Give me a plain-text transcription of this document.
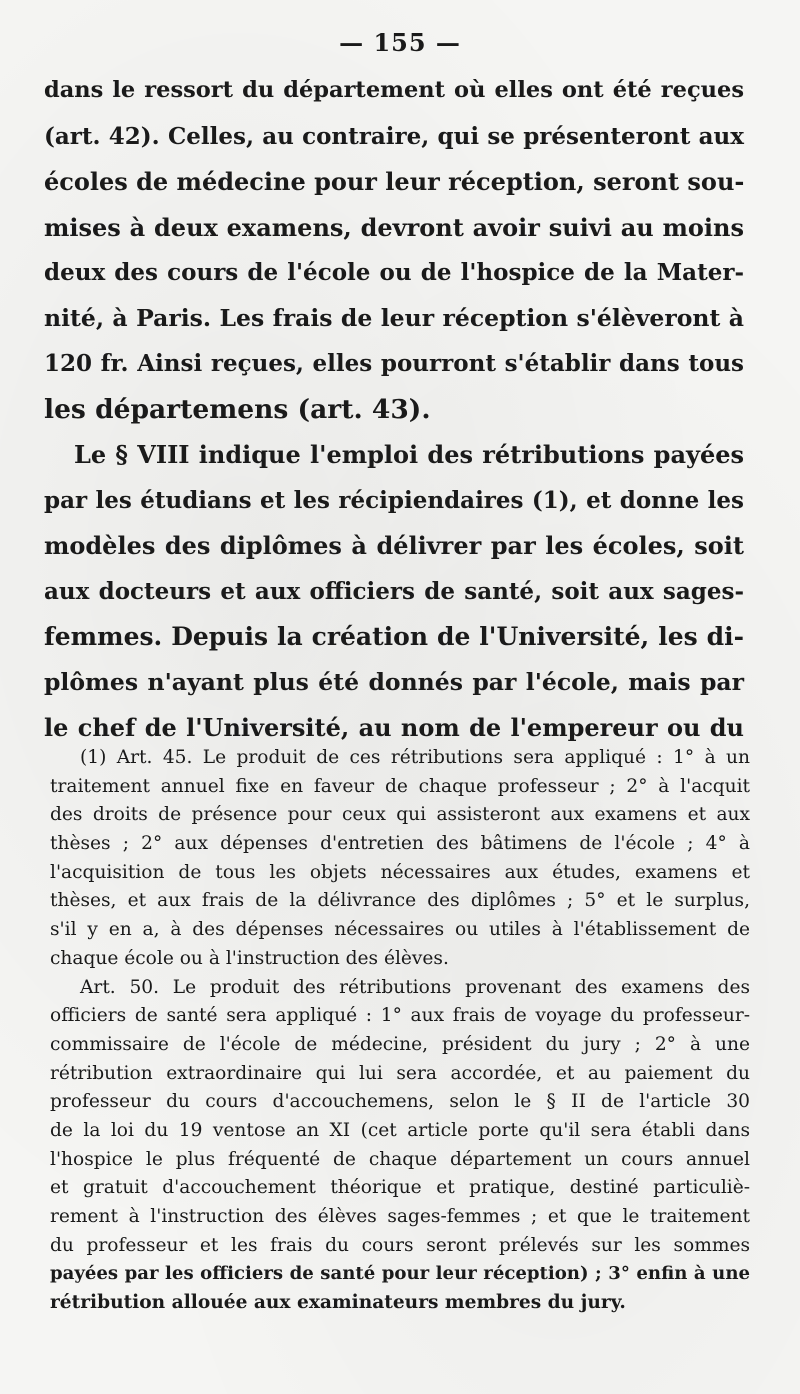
— 155 —
dans le ressort du département où elles ont été reçues
(art. 42). Celles, au contraire, qui se présenteront aux
écoles de médecine pour leur réception, seront sou-
mises à deux examens, devront avoir suivi au moins
deux des cours de l'école ou de l'hospice de la Mater-
nité, à Paris. Les frais de leur réception s'élèveront à
120 fr. Ainsi reçues, elles pourront s'établir dans tous
les départemens (art. 43).
Le § VIII indique l'emploi des rétributions payées
par les étudians et les récipiendaires (1), et donne les
modèles des diplômes à délivrer par les écoles, soit
aux docteurs et aux officiers de santé, soit aux sages-
femmes. Depuis la création de l'Université, les di-
plômes n'ayant plus été donnés par l'école, mais par
le chef de l'Université, au nom de l'empereur ou du
(1) Art. 45. Le produit de ces rétributions sera appliqué : 1° à un
traitement annuel fixe en faveur de chaque professeur ; 2° à l'acquit
des droits de présence pour ceux qui assisteront aux examens et aux
thèses ; 2° aux dépenses d'entretien des bâtimens de l'école ; 4° à
l'acquisition de tous les objets nécessaires aux études, examens et
thèses, et aux frais de la délivrance des diplômes ; 5° et le surplus,
s'il y en a, à des dépenses nécessaires ou utiles à l'établissement de
chaque école ou à l'instruction des élèves.
Art. 50. Le produit des rétributions provenant des examens des
officiers de santé sera appliqué : 1° aux frais de voyage du professeur-
commissaire de l'école de médecine, président du jury ; 2° à une
rétribution extraordinaire qui lui sera accordée, et au paiement du
professeur du cours d'accouchemens, selon le § II de l'article 30
de la loi du 19 ventose an XI (cet article porte qu'il sera établi dans
l'hospice le plus fréquenté de chaque département un cours annuel
et gratuit d'accouchement théorique et pratique, destiné particuliè-
rement à l'instruction des élèves sages-femmes ; et que le traitement
du professeur et les frais du cours seront prélevés sur les sommes
payées par les officiers de santé pour leur réception) ; 3° enfin à une
rétribution allouée aux examinateurs membres du jury.
